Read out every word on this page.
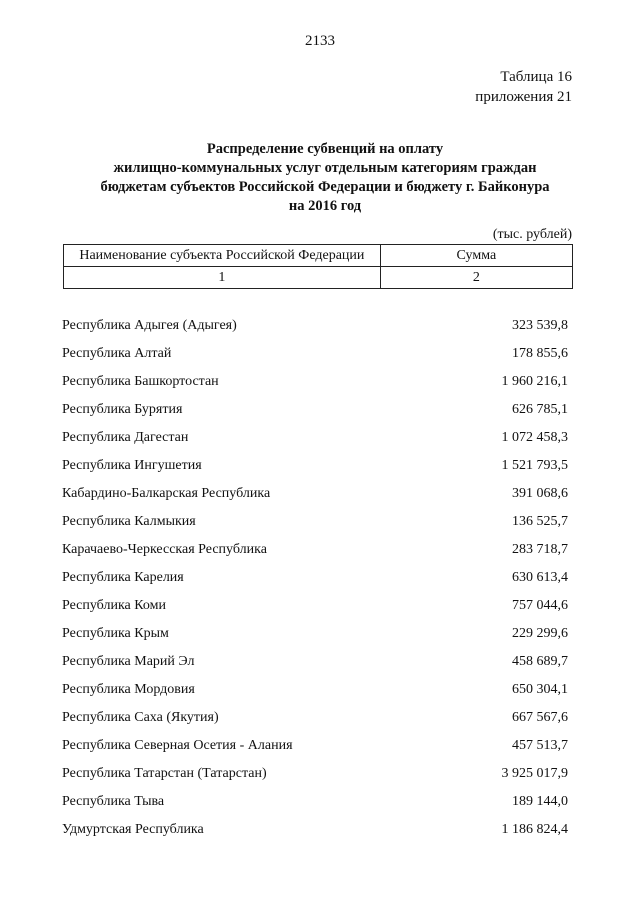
2133
Таблица 16
приложения 21
Распределение субвенций на оплату
жилищно-коммунальных услуг отдельным категориям граждан
бюджетам субъектов Российской Федерации и бюджету г. Байконура
на 2016 год
(тыс. рублей)
Наименование субъекта Российской Федерации	Сумма
1	2
Республика Адыгея (Адыгея)	323 539,8
Республика Алтай	178 855,6
Республика Башкортостан	1 960 216,1
Республика Бурятия	626 785,1
Республика Дагестан	1 072 458,3
Республика Ингушетия	1 521 793,5
Кабардино-Балкарская Республика	391 068,6
Республика Калмыкия	136 525,7
Карачаево-Черкесская Республика	283 718,7
Республика Карелия	630 613,4
Республика Коми	757 044,6
Республика Крым	229 299,6
Республика Марий Эл	458 689,7
Республика Мордовия	650 304,1
Республика Саха (Якутия)	667 567,6
Республика Северная Осетия - Алания	457 513,7
Республика Татарстан (Татарстан)	3 925 017,9
Республика Тыва	189 144,0
Удмуртская Республика	1 186 824,4
